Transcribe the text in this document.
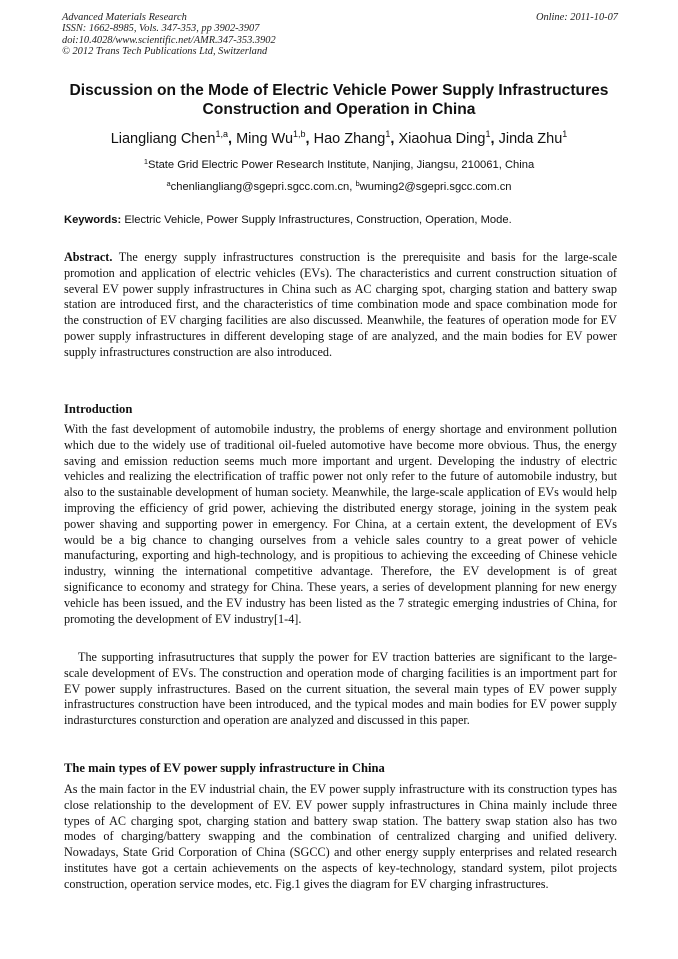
Advanced Materials Research
ISSN: 1662-8985, Vols. 347-353, pp 3902-3907
doi:10.4028/www.scientific.net/AMR.347-353.3902
© 2012 Trans Tech Publications Ltd, Switzerland
Online: 2011-10-07
Discussion on the Mode of Electric Vehicle Power Supply Infrastructures Construction and Operation in China
Liangliang Chen$^{1,a}$, Ming Wu$^{1,b}$, Hao Zhang$^1$, Xiaohua Ding$^1$, Jinda Zhu$^1$
$^1$State Grid Electric Power Research Institute, Nanjing, Jiangsu, 210061, China
$^a$chenliangliang@sgepri.sgcc.com.cn, $^b$wuming2@sgepri.sgcc.com.cn
Keywords: Electric Vehicle, Power Supply Infrastructures, Construction, Operation, Mode.

Abstract. The energy supply infrastructures construction is the prerequisite and basis for the large-scale promotion and application of electric vehicles (EVs). The characteristics and current construction situation of several EV power supply infrastructures in China such as AC charging spot, charging station and battery swap station are introduced first, and the characteristics of time combination mode and space combination mode for the construction of EV charging facilities are also discussed. Meanwhile, the features of operation mode for EV power supply infrastructures in different developing stage of are analyzed, and the main bodies for EV power supply infrastructures construction are also introduced.

Introduction

With the fast development of automobile industry, the problems of energy shortage and environment pollution which due to the widely use of traditional oil-fueled automotive have become more obvious. Thus, the energy saving and emission reduction seems much more important and urgent. Developing the industry of electric vehicles and realizing the electrification of traffic power not only refer to the future of automobile industry, but also to the sustainable development of human society. Meanwhile, the large-scale application of EVs would help improving the efficiency of grid power, achieving the distributed energy storage, joining in the system peak power shaving and supporting power in emergency. For China, at a certain extent, the development of EVs would be a big chance to changing ourselves from a vehicle sales country to a great power of vehicle manufacturing, exporting and high-technology, and is propitious to achieving the exceeding of Chinese vehicle industry, winning the international competitive advantage. Therefore, the EV development is of great significance to economy and strategy for China. These years, a series of development planning for new energy vehicle has been issued, and the EV industry has been listed as the 7 strategic emerging industries of China, for promoting the development of EV industry[1-4].

The supporting infrasutructures that supply the power for EV traction batteries are significant to the large-scale development of EVs. The construction and operation mode of charging facilities is an importment part for EV power supply infrastructures. Based on the current situation, the several main types of EV power supply infrastructures construction have been introduced, and the typical modes and main bodies for EV power supply indrasturctures consturction and operation are analyzed and discussed in this paper.

The main types of EV power supply infrastructure in China

As the main factor in the EV industrial chain, the EV power supply infrastructure with its construction types has close relationship to the development of EV. EV power supply infrastructures in China mainly include three types of AC charging spot, charging station and battery swap station. The battery swap station also has two modes of charging/battery swapping and the combination of centralized charging and unified delivery. Nowadays, State Grid Corporation of China (SGCC) and other energy supply enterprises and related research institutes have got a certain achievements on the aspects of key-technology, standard system, pilot projects construction, operation service modes, etc. Fig.1 gives the diagram for EV charging infrastructures.
